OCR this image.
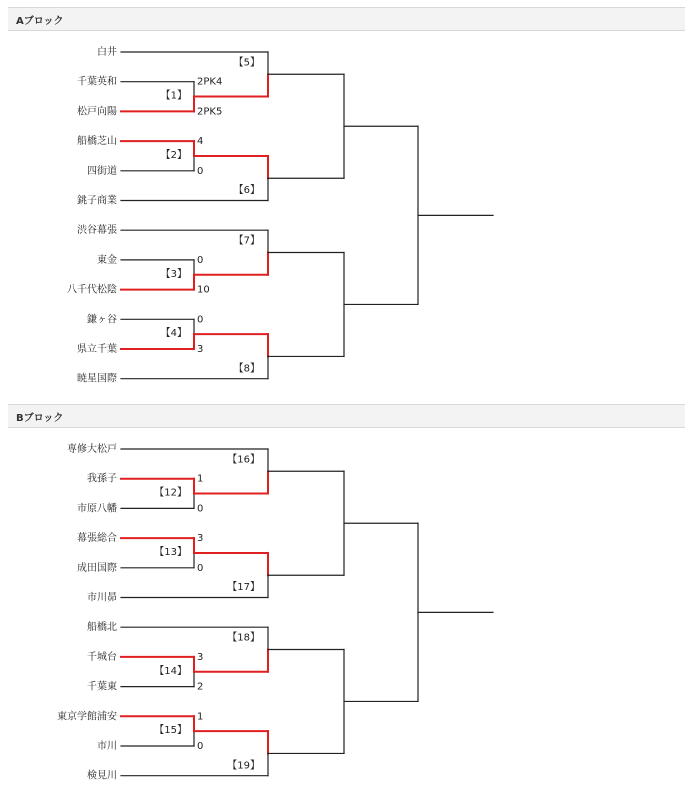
Aブロック
白井
千葉英和
松戸向陽
船橋芝山
四街道
銚子商業
渋谷幕張
東金
八千代松陰
鎌ヶ谷
県立千葉
暁星国際
【1】
2PK4
2PK5
【2】
4
0
【3】
0
10
【4】
0
3
【5】
【6】
【7】
【8】
Bブロック
専修大松戸
我孫子
市原八幡
幕張総合
成田国際
市川昴
船橋北
千城台
千葉東
東京学館浦安
市川
検見川
【12】
1
0
【13】
3
0
【14】
3
2
【15】
1
0
【16】
【17】
【18】
【19】
